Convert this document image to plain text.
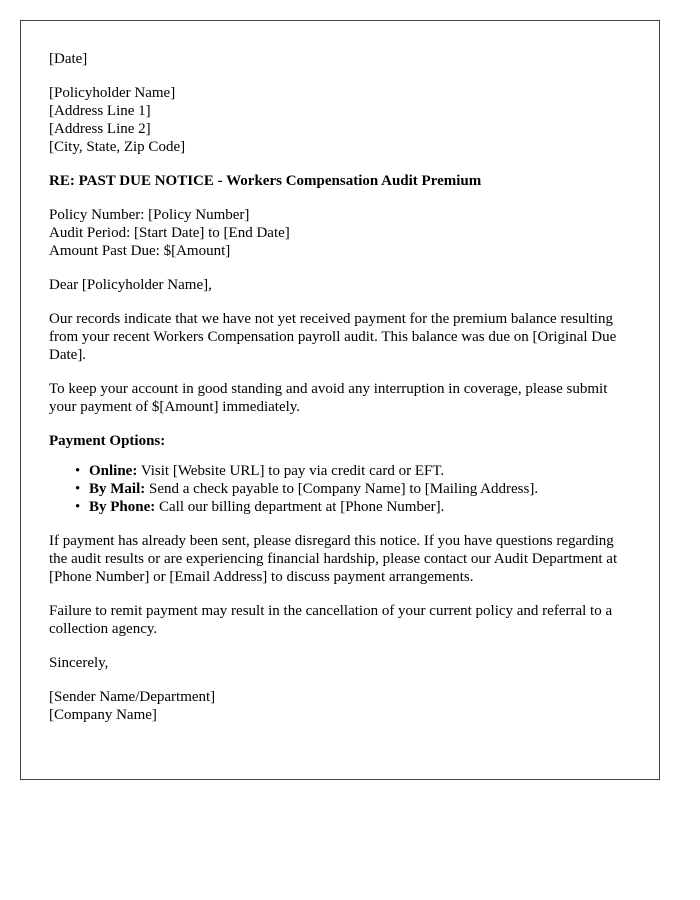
[Date]
[Policyholder Name]
[Address Line 1]
[Address Line 2]
[City, State, Zip Code]
RE: PAST DUE NOTICE - Workers Compensation Audit Premium
Policy Number: [Policy Number]
Audit Period: [Start Date] to [End Date]
Amount Past Due: $[Amount]
Dear [Policyholder Name],
Our records indicate that we have not yet received payment for the premium balance resulting from your recent Workers Compensation payroll audit. This balance was due on [Original Due Date].
To keep your account in good standing and avoid any interruption in coverage, please submit your payment of $[Amount] immediately.
Payment Options:
• Online: Visit [Website URL] to pay via credit card or EFT.
• By Mail: Send a check payable to [Company Name] to [Mailing Address].
• By Phone: Call our billing department at [Phone Number].
If payment has already been sent, please disregard this notice. If you have questions regarding the audit results or are experiencing financial hardship, please contact our Audit Department at [Phone Number] or [Email Address] to discuss payment arrangements.
Failure to remit payment may result in the cancellation of your current policy and referral to a collection agency.
Sincerely,
[Sender Name/Department]
[Company Name]
